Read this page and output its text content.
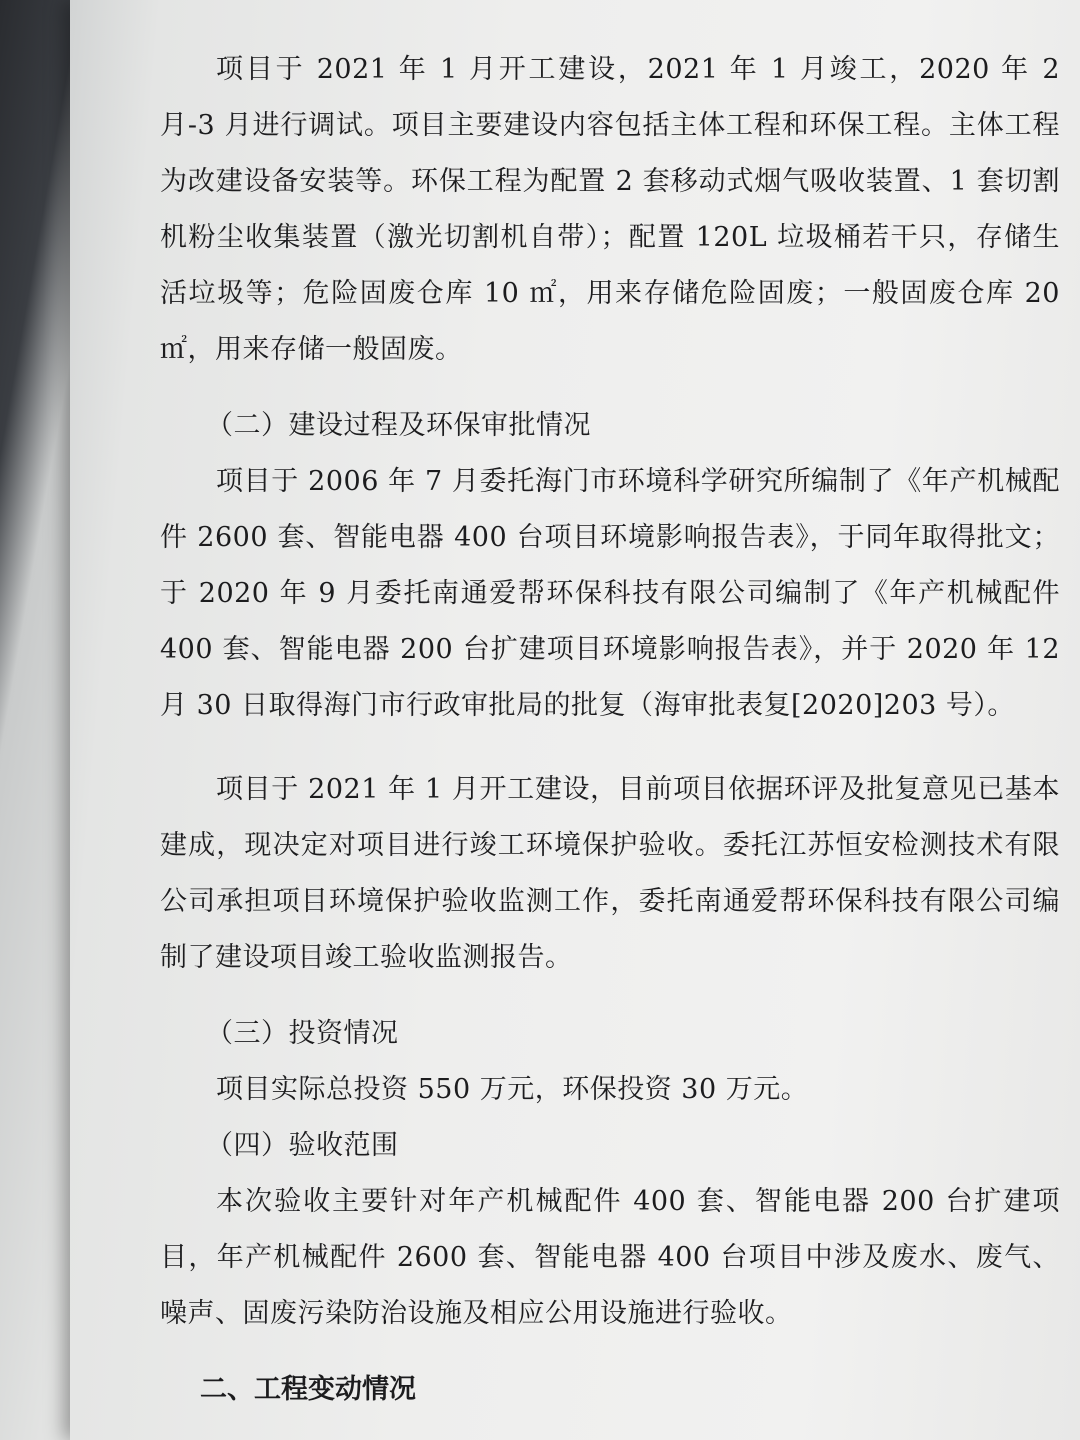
项目于 2021 年 1 月开工建设，2021 年 1 月竣工，2020 年 2 月-3 月进行调试。项目主要建设内容包括主体工程和环保工程。主体工程为改建设备安装等。环保工程为配置 2 套移动式烟气吸收装置、1 套切割机粉尘收集装置（激光切割机自带）；配置 120L 垃圾桶若干只，存储生活垃圾等；危险固废仓库 10 ㎡，用来存储危险固废；一般固废仓库 20 ㎡，用来存储一般固废。

（二）建设过程及环保审批情况

项目于 2006 年 7 月委托海门市环境科学研究所编制了《年产机械配件 2600 套、智能电器 400 台项目环境影响报告表》，于同年取得批文；于 2020 年 9 月委托南通爱帮环保科技有限公司编制了《年产机械配件 400 套、智能电器 200 台扩建项目环境影响报告表》，并于 2020 年 12 月 30 日取得海门市行政审批局的批复（海审批表复[2020]203 号）。

项目于 2021 年 1 月开工建设，目前项目依据环评及批复意见已基本建成，现决定对项目进行竣工环境保护验收。委托江苏恒安检测技术有限公司承担项目环境保护验收监测工作，委托南通爱帮环保科技有限公司编制了建设项目竣工验收监测报告。

（三）投资情况

项目实际总投资 550 万元，环保投资 30 万元。

（四）验收范围

本次验收主要针对年产机械配件 400 套、智能电器 200 台扩建项目，年产机械配件 2600 套、智能电器 400 台项目中涉及废水、废气、噪声、固废污染防治设施及相应公用设施进行验收。

二、工程变动情况
